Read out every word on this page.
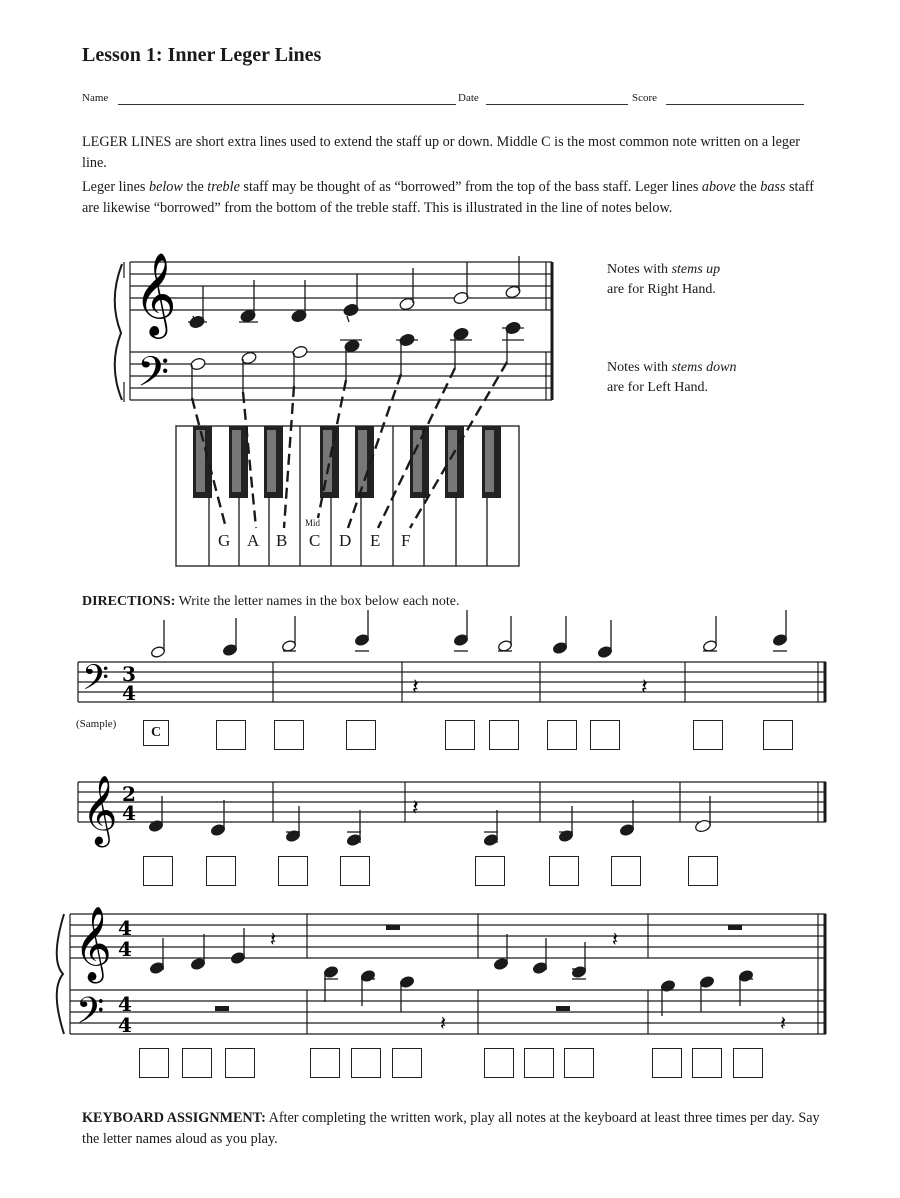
Lesson 1: Inner Leger Lines
Name	Date	Score
LEGER LINES are short extra lines used to extend the staff up or down. Middle C is the most common note written on a leger line.
Leger lines below the treble staff may be thought of as “borrowed” from the top of the bass staff. Leger lines above the bass staff are likewise “borrowed” from the bottom of the treble staff. This is illustrated in the line of notes below.
Notes with stems up
are for Right Hand.
Notes with stems down
are for Left Hand.
𝄞
𝄢
𝄢 3
4	𝄽	𝄽
𝄞 2
4	𝄽
𝄞
𝄢
4
4
4
4
𝄽	𝄽
𝄽	𝄽
Mid
G A B C D E F
DIRECTIONS: Write the letter names in the box below each note.
(Sample)
C
KEYBOARD ASSIGNMENT: After completing the written work, play all notes at the keyboard at least three times per day. Say the letter names aloud as you play.
